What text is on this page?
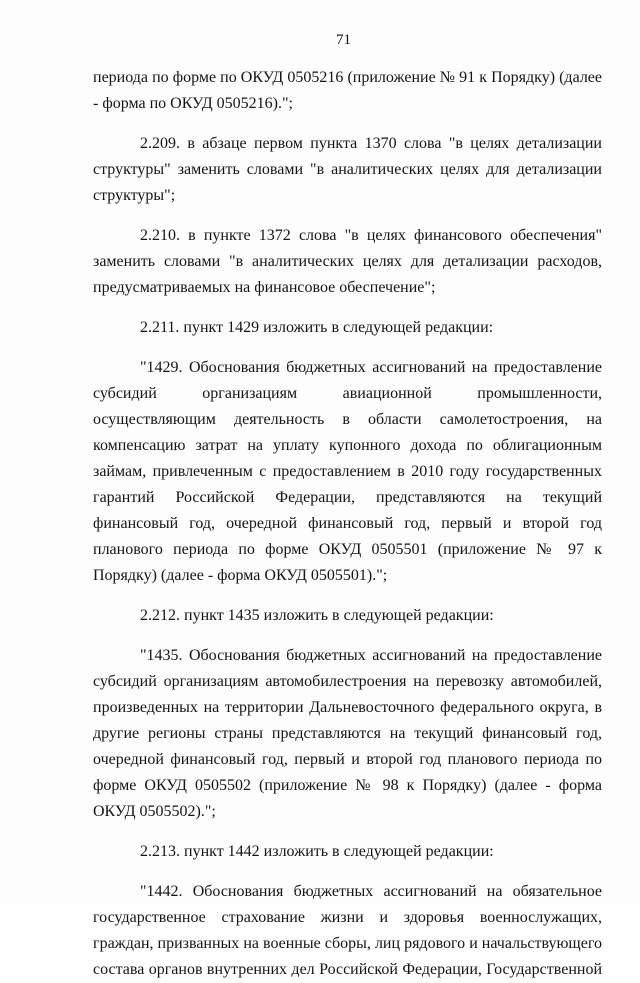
71

периода по форме по ОКУД 0505216 (приложение № 91 к Порядку) (далее - форма по ОКУД 0505216).";

2.209. в абзаце первом пункта 1370 слова "в целях детализации структуры" заменить словами "в аналитических целях для детализации структуры";

2.210. в пункте 1372 слова "в целях финансового обеспечения" заменить словами "в аналитических целях для детализации расходов, предусматриваемых на финансовое обеспечение";

2.211. пункт 1429 изложить в следующей редакции:

"1429. Обоснования бюджетных ассигнований на предоставление субсидий организациям авиационной промышленности, осуществляющим деятельность в области самолетостроения, на компенсацию затрат на уплату купонного дохода по облигационным займам, привлеченным с предоставлением в 2010 году государственных гарантий Российской Федерации, представляются на текущий финансовый год, очередной финансовый год, первый и второй год планового периода по форме ОКУД 0505501 (приложение № 97 к Порядку) (далее - форма ОКУД 0505501).";

2.212. пункт 1435 изложить в следующей редакции:

"1435. Обоснования бюджетных ассигнований на предоставление субсидий организациям автомобилестроения на перевозку автомобилей, произведенных на территории Дальневосточного федерального округа, в другие регионы страны представляются на текущий финансовый год, очередной финансовый год, первый и второй год планового периода по форме ОКУД 0505502 (приложение № 98 к Порядку) (далее - форма ОКУД 0505502).";

2.213. пункт 1442 изложить в следующей редакции:

"1442. Обоснования бюджетных ассигнований на обязательное государственное страхование жизни и здоровья военнослужащих, граждан, призванных на военные сборы, лиц рядового и начальствующего состава органов внутренних дел Российской Федерации, Государственной
